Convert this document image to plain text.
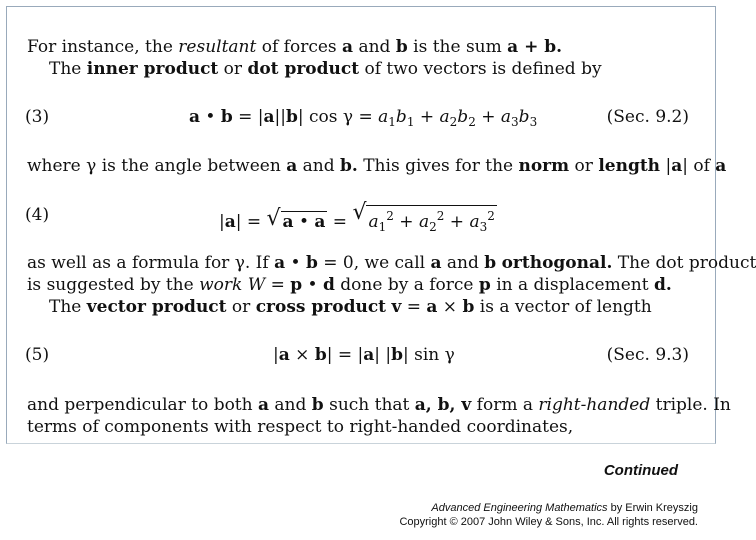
For instance, the resultant of forces a and b is the sum a + b.
The inner product or dot product of two vectors is defined by
(3)	a • b = |a||b| $\cos \gamma = a_1b_1 + a_2b_2 + a_3b_3$	(Sec. 9.2)
where γ is the angle between a and b. This gives for the norm or length |a| of a
(4)	|a| = √ a • a = √ $a_1^2 + a_2^2 + a_3^2$
as well as a formula for γ. If a • b = 0, we call a and b orthogonal. The dot product
is suggested by the work W = p • d done by a force p in a displacement d.
The vector product or cross product v = a × b is a vector of length
(5)	|a × b| = |a| |b| sin γ	(Sec. 9.3)
and perpendicular to both a and b such that a, b, v form a right-handed triple. In
terms of components with respect to right-handed coordinates,
Continued
Advanced Engineering Mathematics by Erwin Kreyszig
Copyright © 2007 John Wiley & Sons, Inc. All rights reserved.
